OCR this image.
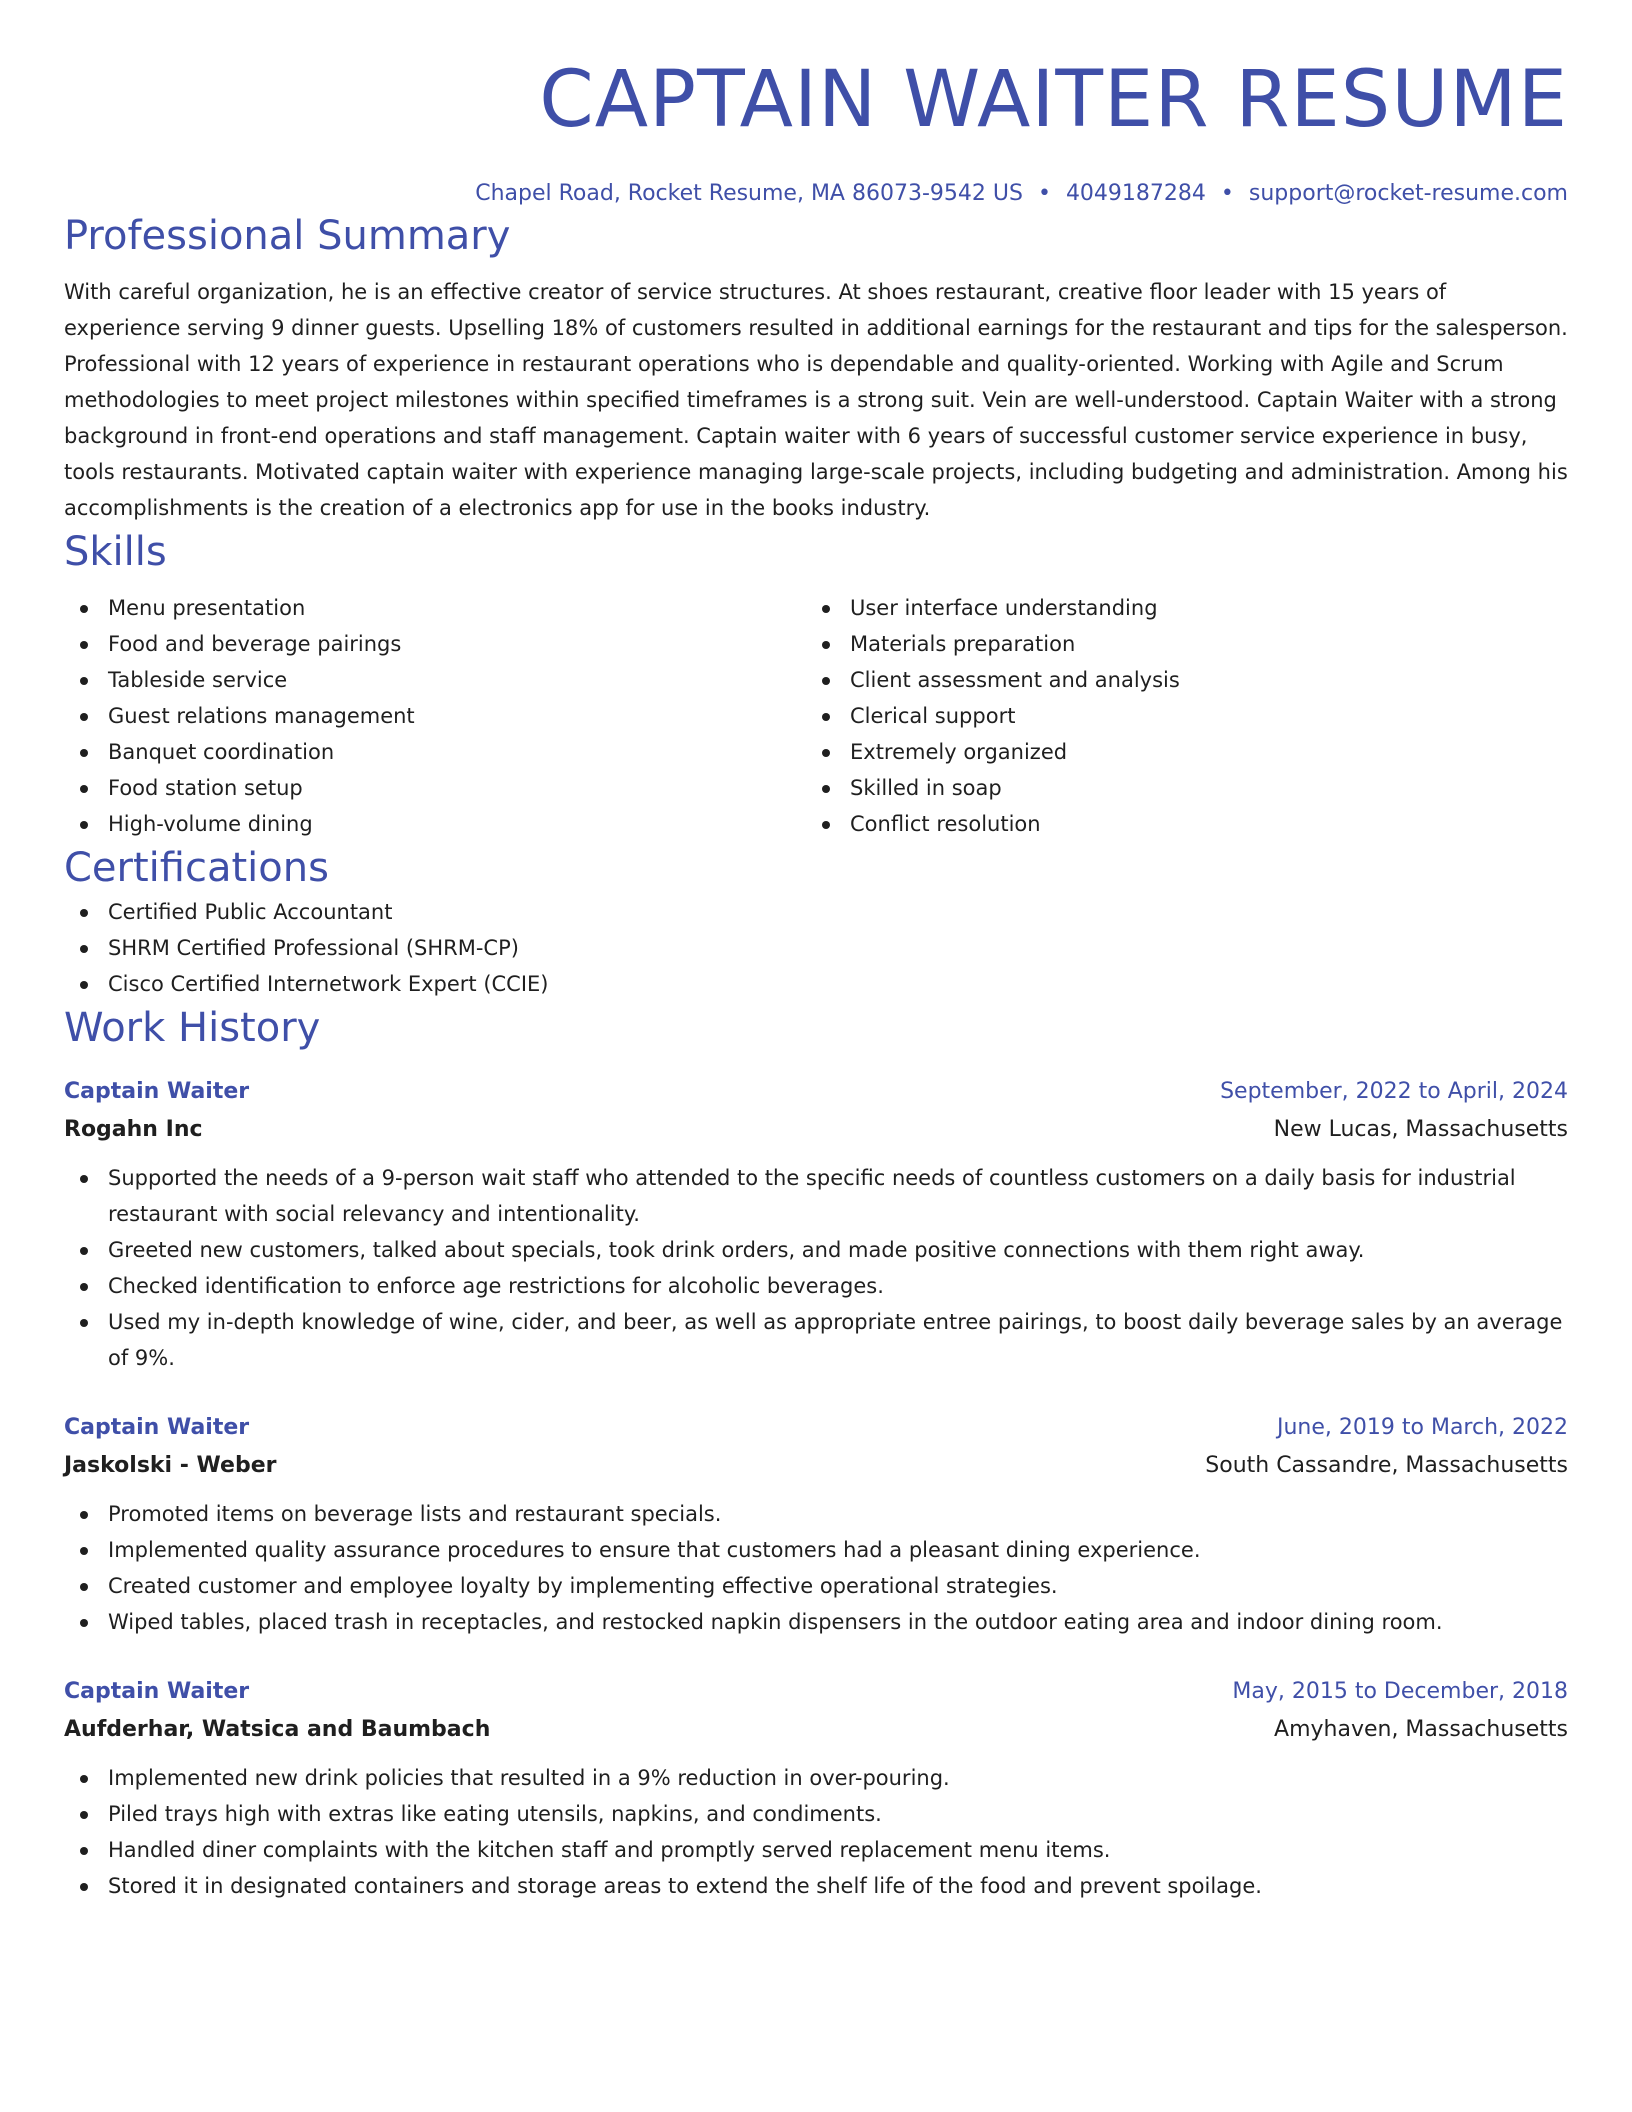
CAPTAIN WAITER RESUME
Chapel Road, Rocket Resume, MA 86073-9542 US • 4049187284 • support@rocket-resume.com
Professional Summary

With careful organization, he is an effective creator of service structures. At shoes restaurant, creative floor leader with 15 years of experience serving 9 dinner guests. Upselling 18% of customers resulted in additional earnings for the restaurant and tips for the salesperson. Professional with 12 years of experience in restaurant operations who is dependable and quality-oriented. Working with Agile and Scrum methodologies to meet project milestones within specified timeframes is a strong suit. Vein are well-understood. Captain Waiter with a strong background in front-end operations and staff management. Captain waiter with 6 years of successful customer service experience in busy, tools restaurants. Motivated captain waiter with experience managing large-scale projects, including budgeting and administration. Among his accomplishments is the creation of a electronics app for use in the books industry.

Skills
Menu presentation
Food and beverage pairings
Tableside service
Guest relations management
Banquet coordination
Food station setup
High-volume dining
User interface understanding
Materials preparation
Client assessment and analysis
Clerical support
Extremely organized
Skilled in soap
Conflict resolution
Certifications
Certified Public Accountant
SHRM Certified Professional (SHRM-CP)
Cisco Certified Internetwork Expert (CCIE)
Work History
Captain Waiter	September, 2022 to April, 2024
Rogahn Inc	New Lucas, Massachusetts
Supported the needs of a 9-person wait staff who attended to the specific needs of countless customers on a daily basis for industrial restaurant with social relevancy and intentionality.
Greeted new customers, talked about specials, took drink orders, and made positive connections with them right away.
Checked identification to enforce age restrictions for alcoholic beverages.
Used my in-depth knowledge of wine, cider, and beer, as well as appropriate entree pairings, to boost daily beverage sales by an average of 9%.
Captain Waiter	June, 2019 to March, 2022
Jaskolski - Weber	South Cassandre, Massachusetts
Promoted items on beverage lists and restaurant specials.
Implemented quality assurance procedures to ensure that customers had a pleasant dining experience.
Created customer and employee loyalty by implementing effective operational strategies.
Wiped tables, placed trash in receptacles, and restocked napkin dispensers in the outdoor eating area and indoor dining room.
Captain Waiter	May, 2015 to December, 2018
Aufderhar, Watsica and Baumbach	Amyhaven, Massachusetts
Implemented new drink policies that resulted in a 9% reduction in over-pouring.
Piled trays high with extras like eating utensils, napkins, and condiments.
Handled diner complaints with the kitchen staff and promptly served replacement menu items.
Stored it in designated containers and storage areas to extend the shelf life of the food and prevent spoilage.
